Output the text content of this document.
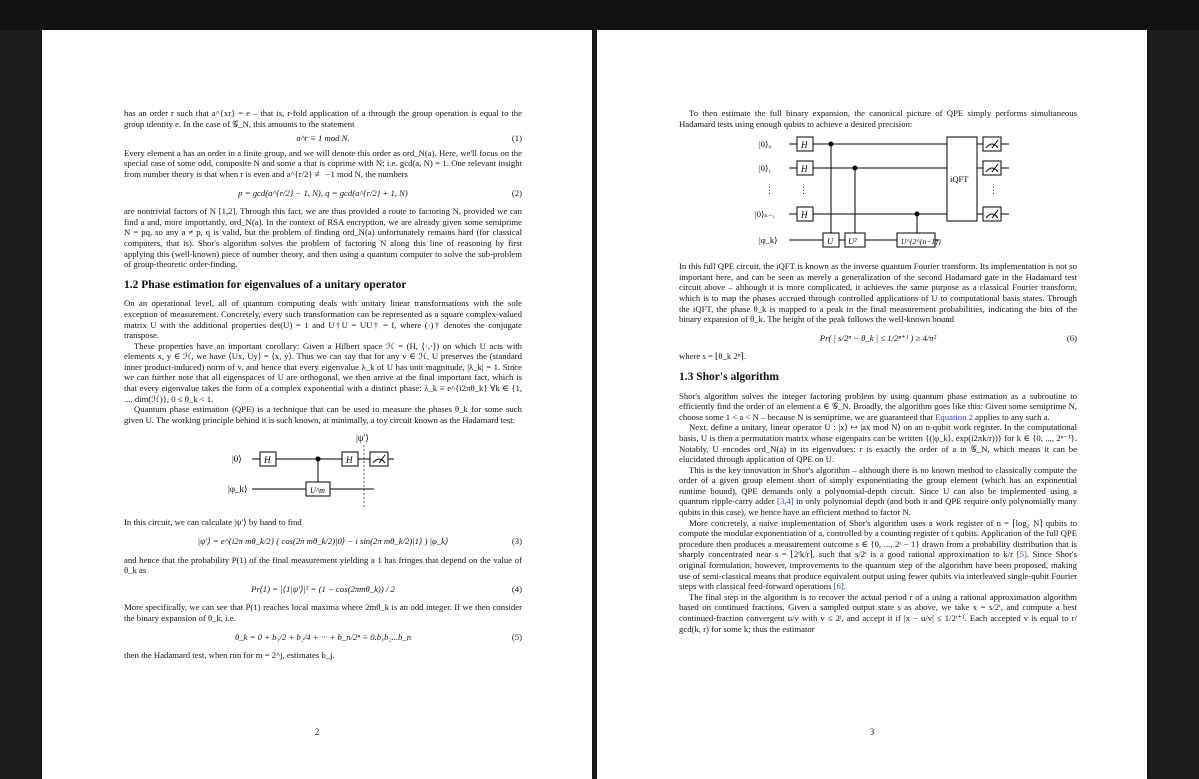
has an order r such that a^{xr} = e – that is, r-fold application of a through the group operation is equal to the group identity e. In the case of 𝒢_N, this amounts to the statement

a^r ≡ 1 mod N.	(1)

Every element a has an order in a finite group, and we will denote this order as ord_N(a). Here, we'll focus on the special case of some odd, composite N and some a that is coprime with N; i.e. gcd(a, N) = 1. One relevant insight from number theory is that when r is even and a^{r/2} ≢ −1 mod N, the numbers

p = gcd(a^{r/2} − 1, N), q = gcd(a^{r/2} + 1, N)	(2)

are nontrivial factors of N [1,2]. Through this fact, we are thus provided a route to factoring N, provided we can find a and, more importantly, ord_N(a). In the context of RSA encryption, we are already given some semiprime N = pq, so any a ≠ p, q is valid, but the problem of finding ord_N(a) unfortunately remains hard (for classical computers, that is). Shor's algorithm solves the problem of factoring N along this line of reasoning by first applying this (well-known) piece of number theory, and then using a quantum computer to solve the sub-problem of group-theoretic order-finding.

1.2 Phase estimation for eigenvalues of a unitary operator

On an operational level, all of quantum computing deals with unitary linear transformations with the sole exception of measurement. Concretely, every such transformation can be represented as a square complex-valued matrix U with the additional properties det(U) = 1 and U†U = UU† = I, where (·)† denotes the conjugate transpose.

These properties have an important corollary: Given a Hilbert space ℋ = (H, ⟨·,·⟩) on which U acts with elements x, y ∈ ℋ, we have ⟨Ux, Uy⟩ = ⟨x, y⟩. Thus we can say that for any v ∈ ℋ, U preserves the (standard inner product-induced) norm of v, and hence that every eigenvalue λ_k of U has unit magnitude, |λ_k| = 1. Since we can further note that all eigenspaces of U are orthogonal, we then arrive at the final important fact, which is that every eigenvalue takes the form of a complex exponential with a distinct phase: λ_k ≡ e^{i2πθ_k} ∀k ∈ {1, ..., dim(ℋ)}, 0 ≤ θ_k < 1.

Quantum phase estimation (QPE) is a technique that can be used to measure the phases θ_k for some such given U. The working principle behind it is such known, at minimally, a toy circuit known as the Hadamard test:

|ψ′⟩
|0⟩
|φ_k⟩
H
U^m
H

In this circuit, we can calculate |ψ′⟩ by hand to find

|ψ′⟩ = e^{i2π mθ_k/2} ( cos(2π mθ_k/2)|0⟩ − i sin(2π mθ_k/2)|1⟩ ) |φ_k⟩	(3)

and hence that the probability P(1) of the final measurement yielding a 1 has fringes that depend on the value of θ_k as

Pr(1) = |⟨1|ψ′⟩|² = (1 − cos(2πmθ_k)) / 2	(4)

More specifically, we can see that P(1) reaches local maxima where 2mθ_k is an odd integer. If we then consider the binary expansion of θ_k, i.e.

θ_k = 0 + b₁/2 + b₂/4 + ··· + b_n/2ⁿ ≡ 0.b₁b₂...b_n	(5)

then the Hadamard test, when run for m = 2^j, estimates b_j.

2

To then estimate the full binary expansion, the canonical picture of QPE simply performs simultaneous Hadamard tests using enough qubits to achieve a desired precision:

|0⟩₀
|0⟩₁
⋮
|0⟩ₙ₋₁
|φ_k⟩
H
H
H
⋮
U U² ···	U^{2^{n−1}}
iQFT
⋮

In this full QPE circuit, the iQFT is known as the inverse quantum Fourier transform. Its implementation is not so important here, and can be seen as merely a generalization of the second Hadamard gate in the Hadamard test circuit above – although it is more complicated, it achieves the same purpose as a classical Fourier transform, which is to map the phases accrued through controlled applications of U to computational basis states. Through the iQFT, the phase θ_k is mapped to a peak in the final measurement probabilities, indicating the bits of the binary expansion of θ_k. The height of the peak follows the well-known bound

Pr( | s/2ⁿ − θ_k | ≤ 1/2ⁿ⁺¹ ) ≥ 4/π²	(6)

where s = ⌊θ_k 2ⁿ⌉.

1.3 Shor's algorithm

Shor's algorithm solves the integer factoring problem by using quantum phase estimation as a subroutine to efficiently find the order of an element a ∈ 𝒢_N. Broadly, the algorithm goes like this: Given some semiprime N, choose some 1 < a < N – because N is semiprime, we are guaranteed that Equation 2 applies to any such a.

Next, define a unitary, linear operator U : |x⟩ ↦ |ax mod N⟩ on an n-qubit work register. In the computational basis, U is then a permutation matrix whose eigenpairs can be written {(|φ_k⟩, exp(i2πk/r))} for k ∈ {0, ..., 2ⁿ⁻¹}. Notably, U encodes ord_N(a) in its eigenvalues: r is exactly the order of a in 𝒢_N, which means it can be elucidated through application of QPE on U.

This is the key innovation in Shor's algorithm – although there is no known method to classically compute the order of a given group element short of simply exponentiating the group element (which has an exponential runtime bound), QPE demands only a polynomial-depth circuit. Since U can also be implemented using a quantum ripple-carry adder [3,4] in only polynomial depth (and both it and QPE require only polynomially many qubits in this case), we hence have an efficient method to factor N.

More concretely, a naive implementation of Shor's algorithm uses a work register of n = ⌈log₂ N⌉ qubits to compute the modular exponentiation of a, controlled by a counting register of t qubits. Application of the full QPE procedure then produces a measurement outcome s ∈ {0, ..., 2ᵗ − 1} drawn from a probability distribution that is sharply concentrated near s = ⌊2ᵗk/r⌉, such that s/2ᵗ is a good rational approximation to k/r [5]. Since Shor's original formulation, however, improvements to the quantum step of the algorithm have been proposed, making use of semi-classical means that produce equivalent output using fewer qubits via interleaved single-qubit Fourier steps with classical feed-forward operations [6].

The final step in the algorithm is to recover the actual period r of a using a rational approximation algorithm based on continued fractions. Given a sampled output state s as above, we take x = s/2ᵗ, and compute a best continued-fraction convergent u/v with v ≤ 2ᵗ, and accept it if |x − u/v| ≤ 1/2ᵗ⁺¹. Each accepted v is equal to r/ gcd(k, r) for some k; thus the estimator

3
